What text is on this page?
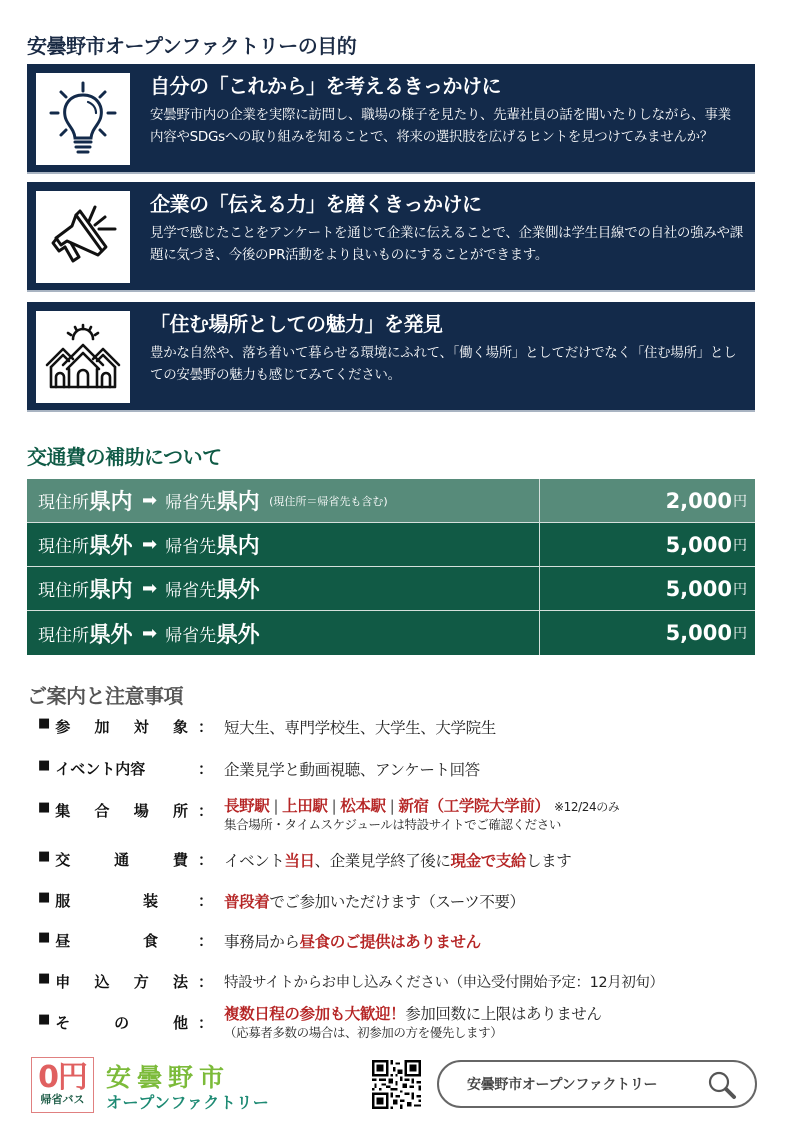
安曇野市オープンファクトリーの目的
自分の「これから」を考えるきっかけに
安曇野市内の企業を実際に訪問し、職場の様子を見たり、先輩社員の話を聞いたりしながら、事業内容やSDGsへの取り組みを知ることで、将来の選択肢を広げるヒントを見つけてみませんか？
企業の「伝える力」を磨くきっかけに
見学で感じたことをアンケートを通じて企業に伝えることで、企業側は学生目線での自社の強みや課題に気づき、今後のPR活動をより良いものにすることができます。
「住む場所としての魅力」を発見
豊かな自然や、落ち着いて暮らせる環境にふれて、「働く場所」としてだけでなく「住む場所」としての安曇野の魅力も感じてみてください。
交通費の補助について
現住所 県内 ➡ 帰省先 県内 (現住所＝帰省先も含む)	2,000 円
現住所 県外 ➡ 帰省先 県内	5,000 円
現住所 県内 ➡ 帰省先 県外	5,000 円
現住所 県外 ➡ 帰省先 県外	5,000 円
ご案内と注意事項
■ 参 加 対 象 ： 短大生、専門学校生、大学生、大学院生
■ イベント内容	： 企業見学と動画視聴、アンケート回答
■ 集 合 場 所 ： 長野駅 | 上田駅 | 松本駅 | 新宿（工学院大学前） ※12/24のみ
集合場所・タイムスケジュールは特設サイトでご確認ください
■ 交	通	費 ： イベント当日、企業見学終了後に現金で支給します
■ 服	装	： 普段着でご参加いただけます（スーツ不要）
■ 昼	食	： 事務局から昼食のご提供はありません
■ 申 込 方 法 ： 特設サイトからお申し込みください（申込受付開始予定：12月初旬）
■ そ	の	他 ： 複数日程の参加も大歓迎！参加回数に上限はありません
（応募者多数の場合は、初参加の方を優先します）
0円
帰省バス
安曇野市
オープンファクトリー
安曇野市オープンファクトリー
